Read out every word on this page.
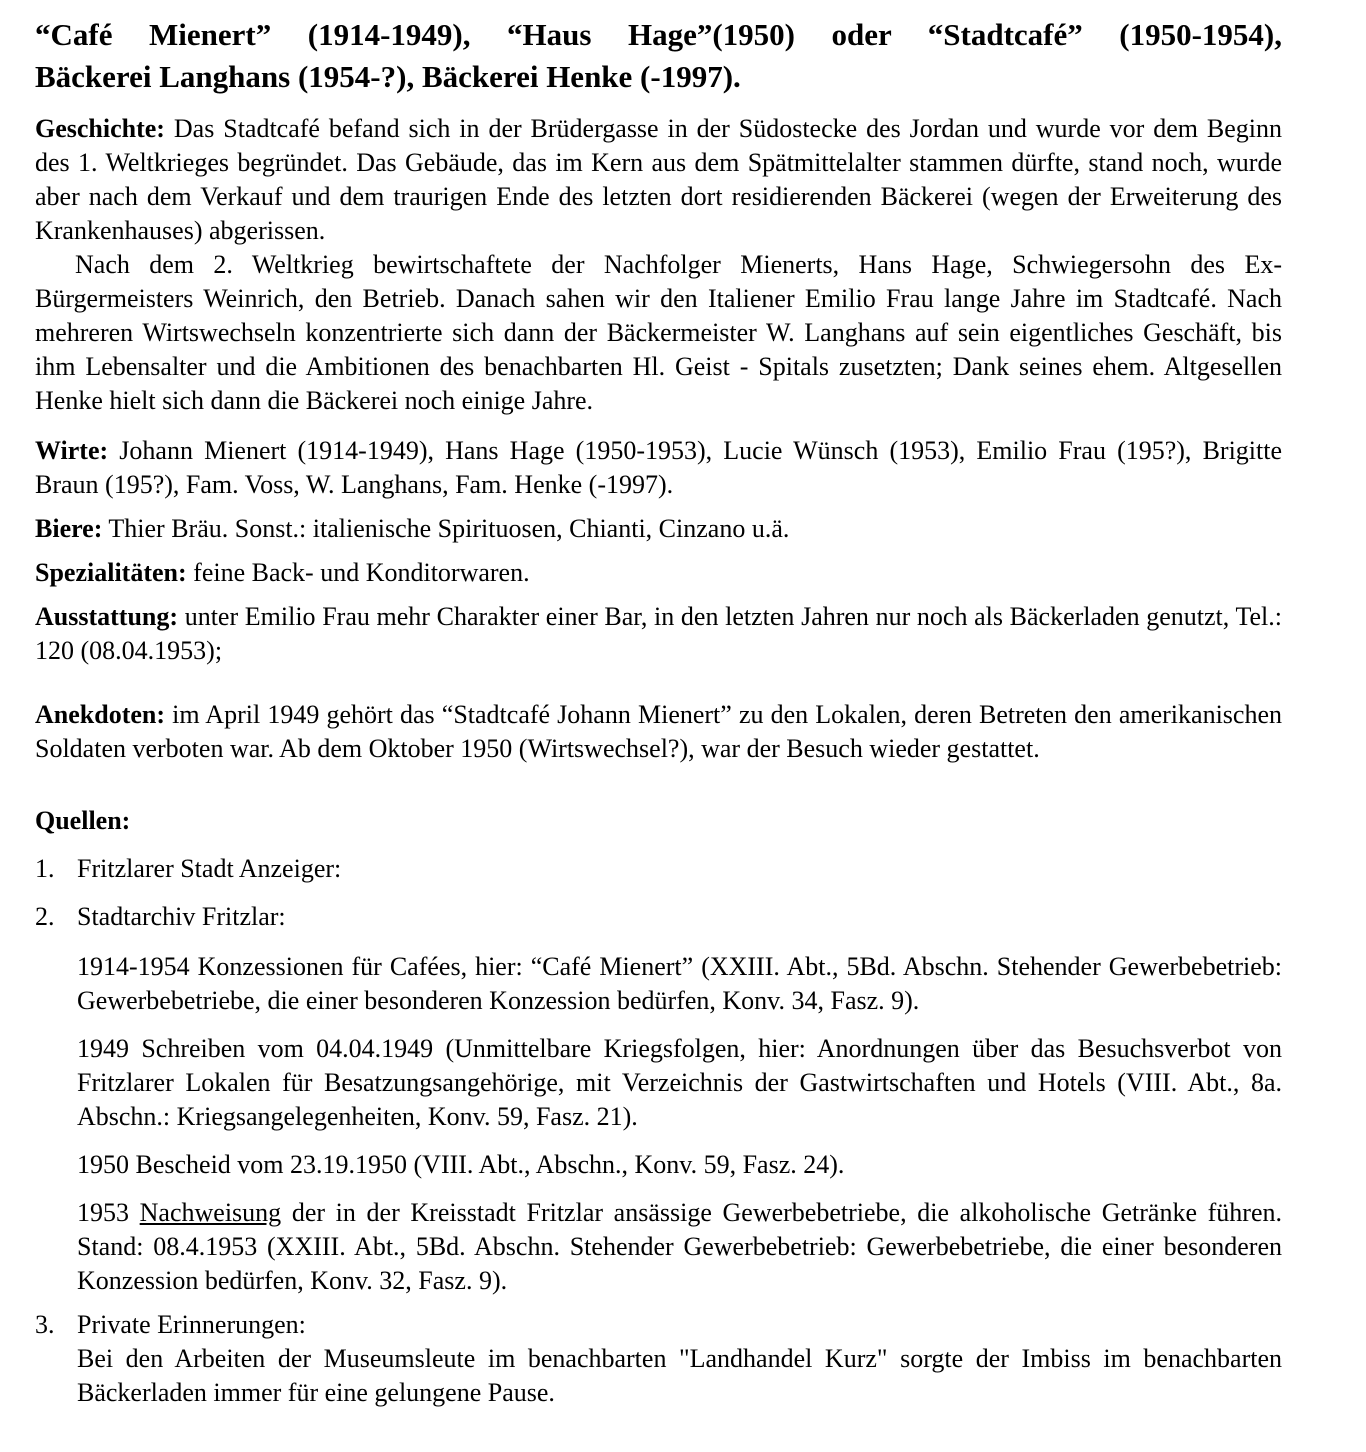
“Café Mienert” (1914-1949), “Haus Hage”(1950) oder “Stadtcafé” (1950-1954),
Bäckerei Langhans (1954-?), Bäckerei Henke (-1997).

Geschichte: Das Stadtcafé befand sich in der Brüdergasse in der Südostecke des Jordan und wurde vor dem Beginn des 1. Weltkrieges begründet. Das Gebäude, das im Kern aus dem Spätmittelalter stammen dürfte, stand noch, wurde aber nach dem Verkauf und dem traurigen Ende des letzten dort residierenden Bäckerei (wegen der Erweiterung des Krankenhauses) abgerissen.

Nach dem 2. Weltkrieg bewirtschaftete der Nachfolger Mienerts, Hans Hage, Schwiegersohn des Ex-Bürgermeisters Weinrich, den Betrieb. Danach sahen wir den Italiener Emilio Frau lange Jahre im Stadtcafé. Nach mehreren Wirtswechseln konzentrierte sich dann der Bäckermeister W. Langhans auf sein eigentliches Geschäft, bis ihm Lebensalter und die Ambitionen des benachbarten Hl. Geist - Spitals zusetzten; Dank seines ehem. Altgesellen Henke hielt sich dann die Bäckerei noch einige Jahre.

Wirte: Johann Mienert (1914-1949), Hans Hage (1950-1953), Lucie Wünsch (1953), Emilio Frau (195?), Brigitte Braun (195?), Fam. Voss, W. Langhans, Fam. Henke (-1997).

Biere: Thier Bräu. Sonst.: italienische Spirituosen, Chianti, Cinzano u.ä.

Spezialitäten: feine Back- und Konditorwaren.

Ausstattung: unter Emilio Frau mehr Charakter einer Bar, in den letzten Jahren nur noch als Bäckerladen genutzt, Tel.: 120 (08.04.1953);

Anekdoten: im April 1949 gehört das “Stadtcafé Johann Mienert” zu den Lokalen, deren Betreten den amerikanischen Soldaten verboten war. Ab dem Oktober 1950 (Wirtswechsel?), war der Besuch wieder gestattet.

Quellen:
1. Fritzlarer Stadt Anzeiger:
2. Stadtarchiv Fritzlar:

1914-1954 Konzessionen für Cafées, hier: “Café Mienert” (XXIII. Abt., 5Bd. Abschn. Stehender Gewerbebetrieb: Gewerbebetriebe, die einer besonderen Konzession bedürfen, Konv. 34, Fasz. 9).

1949 Schreiben vom 04.04.1949 (Unmittelbare Kriegsfolgen, hier: Anordnungen über das Besuchsverbot von Fritzlarer Lokalen für Besatzungsangehörige, mit Verzeichnis der Gastwirtschaften und Hotels (VIII. Abt., 8a. Abschn.: Kriegsangelegenheiten, Konv. 59, Fasz. 21).

1950 Bescheid vom 23.19.1950 (VIII. Abt., Abschn., Konv. 59, Fasz. 24).

1953 Nachweisung der in der Kreisstadt Fritzlar ansässige Gewerbebetriebe, die alkoholische Getränke führen. Stand: 08.4.1953 (XXIII. Abt., 5Bd. Abschn. Stehender Gewerbebetrieb: Gewerbebetriebe, die einer besonderen Konzession bedürfen, Konv. 32, Fasz. 9).

3. Private Erinnerungen:

Bei den Arbeiten der Museumsleute im benachbarten "Landhandel Kurz" sorgte der Imbiss im benachbarten Bäckerladen immer für eine gelungene Pause.
